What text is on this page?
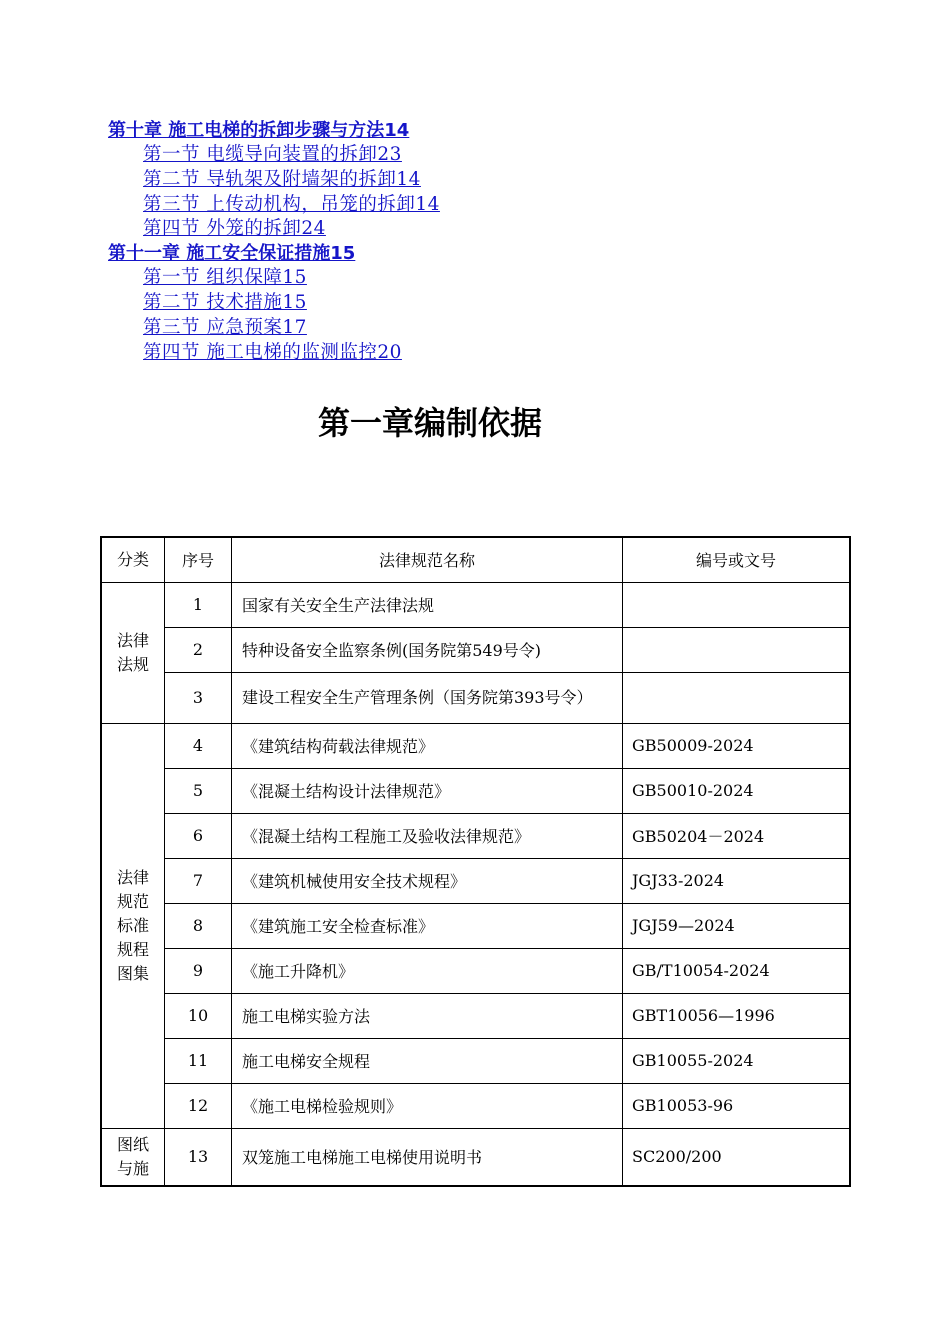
第十章 施工电梯的拆卸步骤与方法14
第一节 电缆导向装置的拆卸23
第二节 导轨架及附墙架的拆卸14
第三节 上传动机构，吊笼的拆卸14
第四节 外笼的拆卸24
第十一章 施工安全保证措施15
第一节 组织保障15
第二节 技术措施15
第三节 应急预案17
第四节 施工电梯的监测监控20
第一章编制依据
分类	序号	法律规范名称	编号或文号
法律法规	1	国家有关安全生产法律法规	
	2	特种设备安全监察条例(国务院第549号令)	
	3	建设工程安全生产管理条例（国务院第393号令）	
法律规范标准规程图集	4	《建筑结构荷载法律规范》	GB50009-2024
	5	《混凝土结构设计法律规范》	GB50010-2024
	6	《混凝土结构工程施工及验收法律规范》	GB50204－2024
	7	《建筑机械使用安全技术规程》	JGJ33-2024
	8	《建筑施工安全检查标准》	JGJ59—2024
	9	《施工升降机》	GB/T10054-2024
	10	施工电梯实验方法	GBT10056—1996
	11	施工电梯安全规程	GB10055-2024
	12	《施工电梯检验规则》	GB10053-96
图纸与施	13	双笼施工电梯施工电梯使用说明书	SC200/200
